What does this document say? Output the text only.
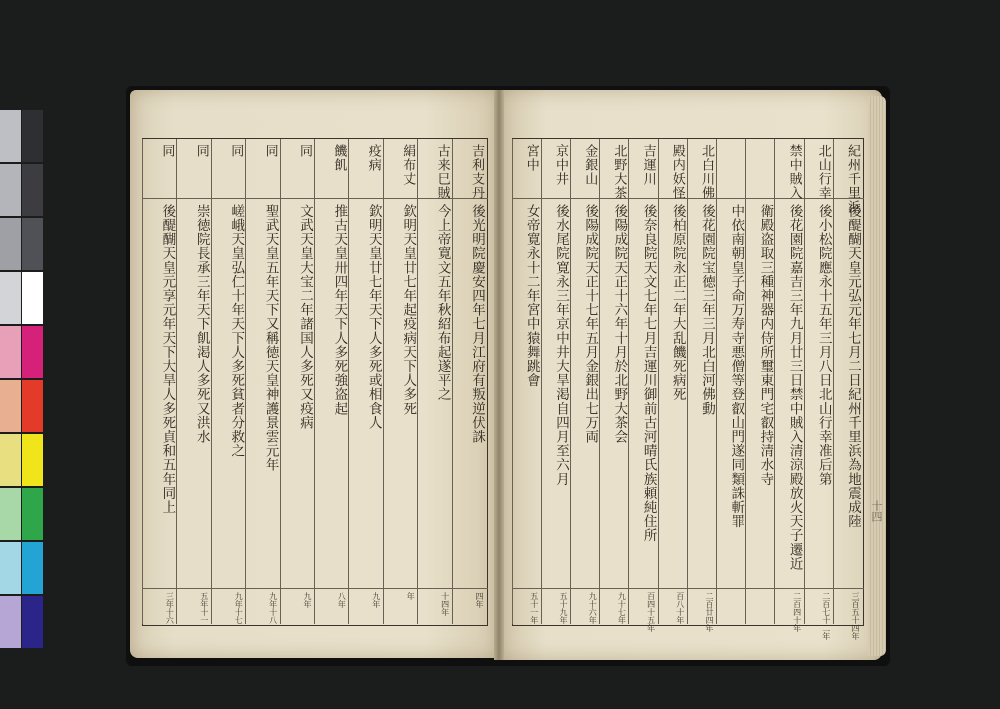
吉利支丹
後光明院慶安四年七月江府有叛逆伏誅
四年
古来巳賊
今上帝寛文五年秋紹布起遂平之
十四年
絹布丈
欽明天皇廿七年起疫病天下人多死
年
疫病
欽明天皇廿七年天下人多死或相食人
九年
饑飢
推古天皇卅四年天下人多死強盗起
八年
同
文武天皇大宝二年諸国人多死又疫病
九年
同
聖武天皇五年天下又稱徳天皇神護景雲元年
九年十八
同
嵯峨天皇弘仁十年天下人多死貧者分救之
九年十七
同
崇徳院長承三年天下飢渇人多死又洪水
五年十一
同
後醍醐天皇元享元年天下大旱人多死貞和五年同上
三年十六
紀州千里浜
後醍醐天皇元弘元年七月二日紀州千里浜為地震成陸
三百五十四年
北山行幸
後小松院應永十五年三月八日北山行幸准后第
二百七十二年
禁中賊入
後花園院嘉吉三年九月廿三日禁中賊入清涼殿放火天子遷近
二百四十年
衛殿盗取三種神器内侍所璽東門宅叡持清水寺
中依南朝皇子命万寿寺悪僧等登叡山門遂同類誅斬罪
北白川佛
後花園院宝徳三年三月北白河佛動
二百廿四年
殿内妖怪
後柏原院永正二年大乱饑死病死
百八十年
吉運川
後奈良院天文七年七月吉運川御前古河晴氏族頼純住所
百四十五年
北野大茶
後陽成院天正十六年十月於北野大茶会
九十七年
金銀山
後陽成院天正十七年五月金銀出七万両
九十六年
京中井
後水尾院寛永三年京中井大旱渇自四月至六月
五十九年
宮中
女帝寛永十二年宮中猿舞跳會
五十一年
十四
